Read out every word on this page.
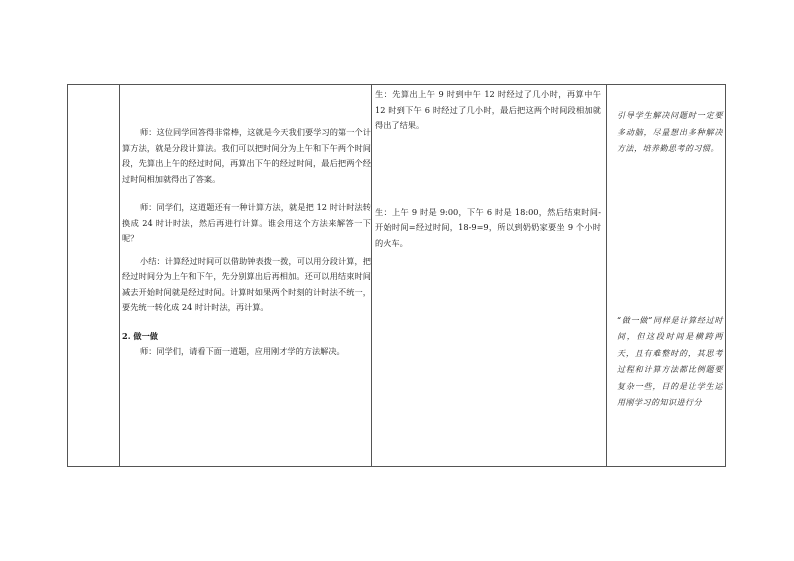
师：这位同学回答得非常棒，这就是今天我们要学习的第一个计算方法，就是分段计算法。我们可以把时间分为上午和下午两个时间段，先算出上午的经过时间，再算出下午的经过时间，最后把两个经过时间相加就得出了答案。

师：同学们，这道题还有一种计算方法，就是把 12 时计时法转换成 24 时计时法，然后再进行计算。谁会用这个方法来解答一下呢？

小结：计算经过时间可以借助钟表拨一拨，可以用分段计算，把经过时间分为上午和下午，先分别算出后再相加。还可以用结束时间减去开始时间就是经过时间。计算时如果两个时刻的计时法不统一，要先统一转化成 24 时计时法，再计算。

2. 做一做

师：同学们，请看下面一道题，应用刚才学的方法解决。

生：先算出上午 9 时到中午 12 时经过了几小时，再算中午 12 时到下午 6 时经过了几小时，最后把这两个时间段相加就得出了结果。

生：上午 9 时是 9:00，下午 6 时是 18:00，然后结束时间-开始时间=经过时间，18-9=9，所以到奶奶家要坐 9 个小时的火车。

引导学生解决问题时一定要多动脑，尽量想出多种解决方法，培养勤思考的习惯。

“做一做”同样是计算经过时间，但这段时间是横跨两天，且有难整时的，其思考过程和计算方法都比例题要复杂一些，目的是让学生运用刚学习的知识进行分
